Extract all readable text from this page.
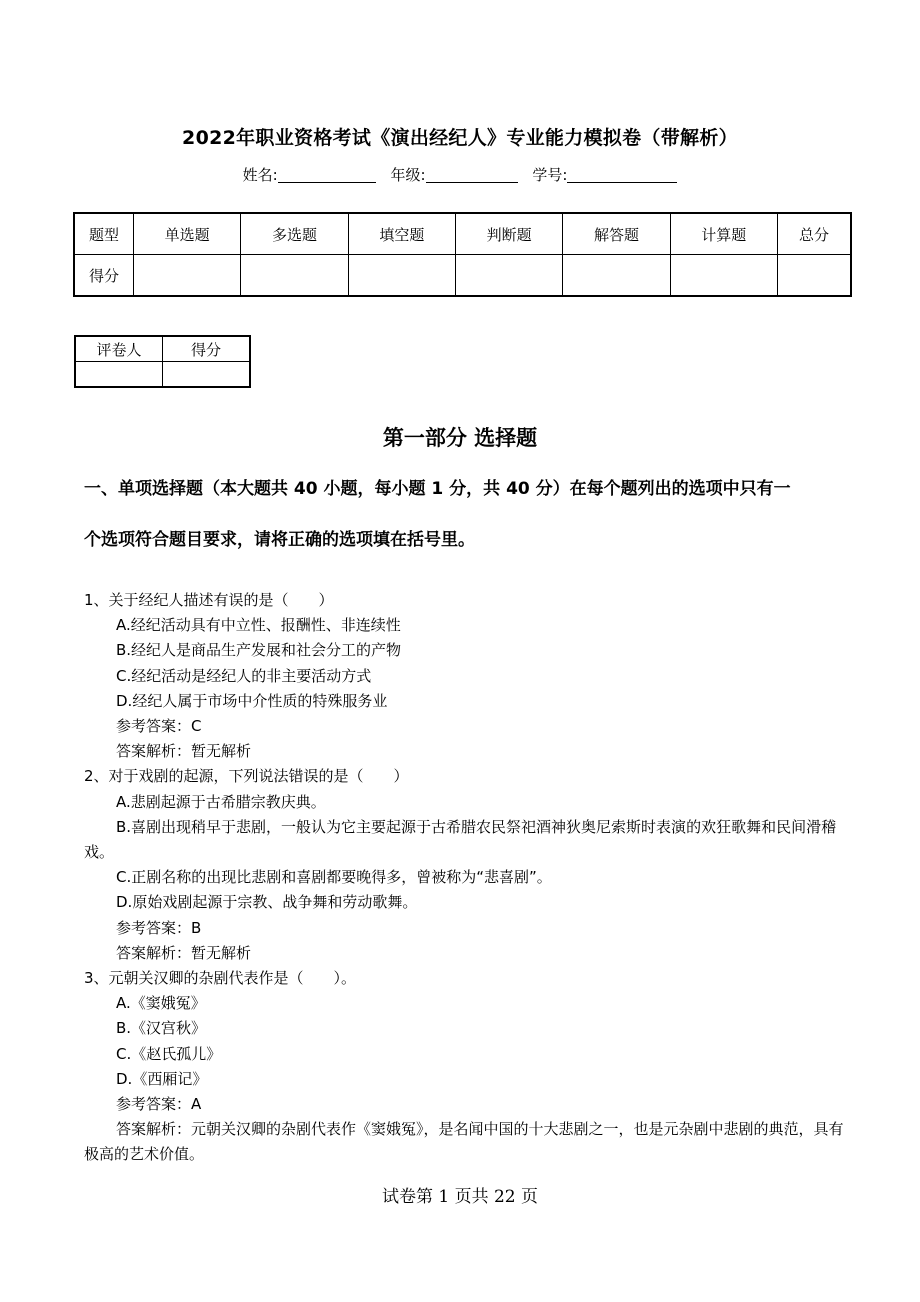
2022年职业资格考试《演出经纪人》专业能力模拟卷（带解析）
姓名:	年级:	学号:
题型	单选题	多选题	填空题	判断题	解答题	计算题	总分
得分							
评卷人	得分

第一部分 选择题
一、单项选择题（本大题共 40 小题，每小题 1 分，共 40 分）在每个题列出的选项中只有一
个选项符合题目要求，请将正确的选项填在括号里。
1、关于经纪人描述有误的是（　　）
A.经纪活动具有中立性、报酬性、非连续性
B.经纪人是商品生产发展和社会分工的产物
C.经纪活动是经纪人的非主要活动方式
D.经纪人属于市场中介性质的特殊服务业
参考答案：C
答案解析：暂无解析
2、对于戏剧的起源，下列说法错误的是（　　）
A.悲剧起源于古希腊宗教庆典。
B.喜剧出现稍早于悲剧，一般认为它主要起源于古希腊农民祭祀酒神狄奥尼索斯时表演的欢狂歌舞和民间滑稽戏。
C.正剧名称的出现比悲剧和喜剧都要晚得多，曾被称为“悲喜剧”。
D.原始戏剧起源于宗教、战争舞和劳动歌舞。
参考答案：B
答案解析：暂无解析
3、元朝关汉卿的杂剧代表作是（　　）。
A.《窦娥冤》
B.《汉宫秋》
C.《赵氏孤儿》
D.《西厢记》
参考答案：A
答案解析：元朝关汉卿的杂剧代表作《窦娥冤》，是名闻中国的十大悲剧之一，也是元杂剧中悲剧的典范，具有极高的艺术价值。
试卷第 1 页共 22 页
